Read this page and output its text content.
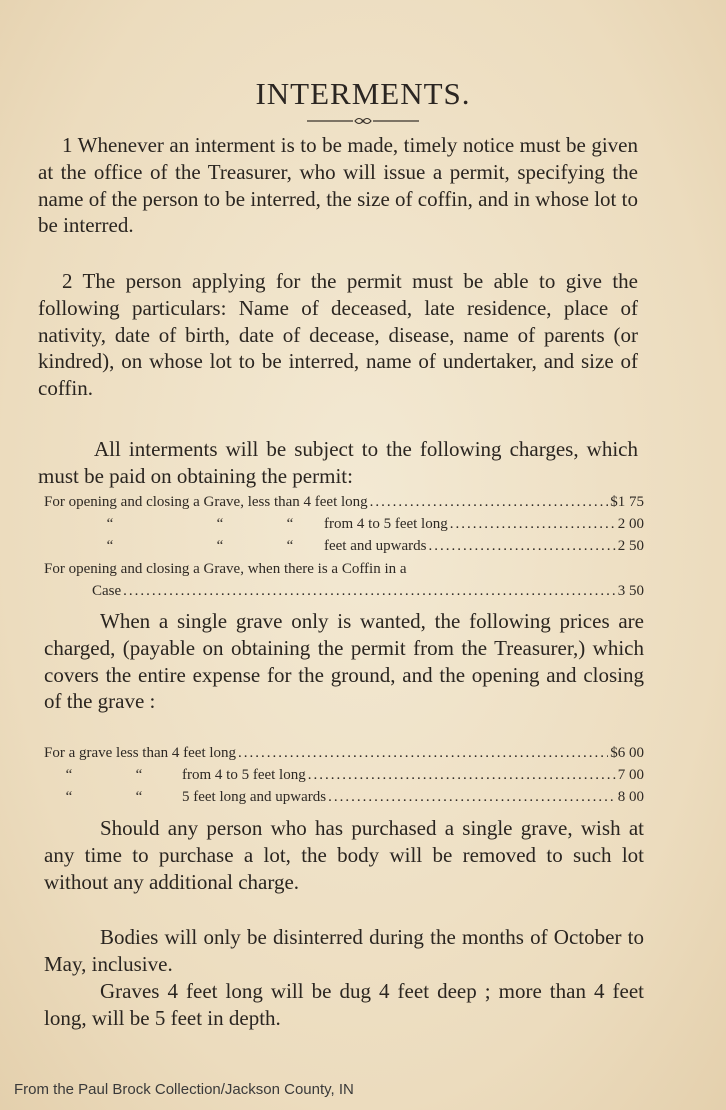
INTERMENTS.

1 Whenever an interment is to be made, timely notice must be given at the office of the Treasurer, who will issue a permit, specifying the name of the person to be interred, the size of coffin, and in whose lot to be interred.

2 The person applying for the permit must be able to give the following particulars: Name of deceased, late residence, place of nativity, date of birth, date of decease, disease, name of parents (or kindred), on whose lot to be interred, name of undertaker, and size of coffin.

All interments will be subject to the following charges, which must be paid on obtaining the permit:

For opening and closing a Grave, less than 4 feet long .....	$1 75
“	“	“	from 4 to 5 feet long .....	2 00
“	“	“	feet and upwards .....	2 50
For opening and closing a Grave, when there is a Coffin in a
Case .....	3 50

When a single grave only is wanted, the following prices are charged, (payable on obtaining the permit from the Treasurer,) which covers the entire expense for the ground, and the opening and closing of the grave :

For a grave less than 4 feet long .....	$6 00
“	“	from 4 to 5 feet long .....	7 00
“	“	5 feet long and upwards .....	8 00

Should any person who has purchased a single grave, wish at any time to purchase a lot, the body will be removed to such lot without any additional charge.

Bodies will only be disinterred during the months of October to May, inclusive.

Graves 4 feet long will be dug 4 feet deep ; more than 4 feet long, will be 5 feet in depth.

From the Paul Brock Collection/Jackson County, IN
